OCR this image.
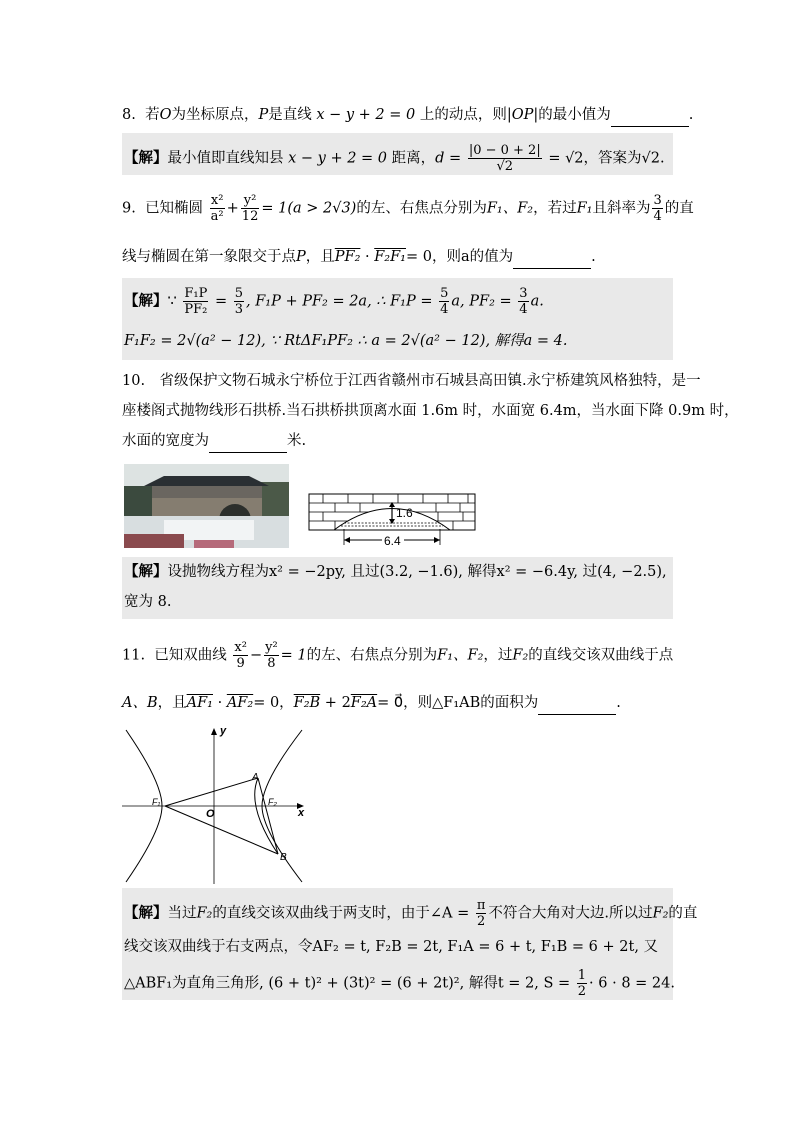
8. 若O为坐标原点，P是直线 x − y + 2 = 0 上的动点，则|OP|的最小值为	.
【解】最小值即直线知县 x − y + 2 = 0 距离，$d = \frac{|0 - 0 + 2|}{√2} = √2$，答案为√2.
9. 已知椭圆 $\frac{\text{x²}}{\text{a²}} + \frac{\text{y²}}{12} = 1(a > 2√3)$的左、右焦点分别为F₁、F₂，若过F₁且斜率为 $\frac{3}{4}$ 的直
线与椭圆在第一象限交于点P，且PF₂ · F₂F₁= 0，则a的值为	.
【解】∵ $\frac{\text{F₁P}}{\text{PF₂}} = \frac{5}{3}$ , F₁P + PF₂ = 2a, ∴ $F_1P = \frac{5}{4} a$, $PF_2 = \frac{3}{4} a$.
F₁F₂ = 2√(a² − 12), ∵ RtΔF₁PF₂ ∴ a = 2√(a² − 12), 解得a = 4.
10.　省级保护文物石城永宁桥位于江西省赣州市石城县高田镇.永宁桥建筑风格独特，是一
座楼阁式抛物线形石拱桥.当石拱桥拱顶离水面 1.6m 时，水面宽 6.4m，当水面下降 0.9m 时，
水面的宽度为	米.
1.6
6.4
【解】设抛物线方程为x² = −2py, 且过(3.2, −1.6), 解得x² = −6.4y, 过(4, −2.5),
宽为 8.
11. 已知双曲线 $\frac{\text{x²}}{9} - \frac{\text{y²}}{8} = 1$的左、右焦点分别为F₁、F₂，过F₂的直线交该双曲线于点
A、B，且AF₁ · AF₂= 0，F₂B + 2F₂A= 0⃗，则△F₁AB的面积为	.
y
x
O
A
B
F₁	F₂
【解】当过F₂的直线交该双曲线于两支时，由于∠A = $\frac{\pi}{2}$ 不符合大角对大边.所以过F₂的直
线交该双曲线于右支两点，令AF₂ = t, F₂B = 2t, F₁A = 6 + t, F₁B = 6 + 2t, 又
△ABF₁为直角三角形, (6 + t)² + (3t)² = (6 + 2t)², 解得t = 2, $S = \frac{1}{2} \cdot 6 \cdot 8 = 24$.
